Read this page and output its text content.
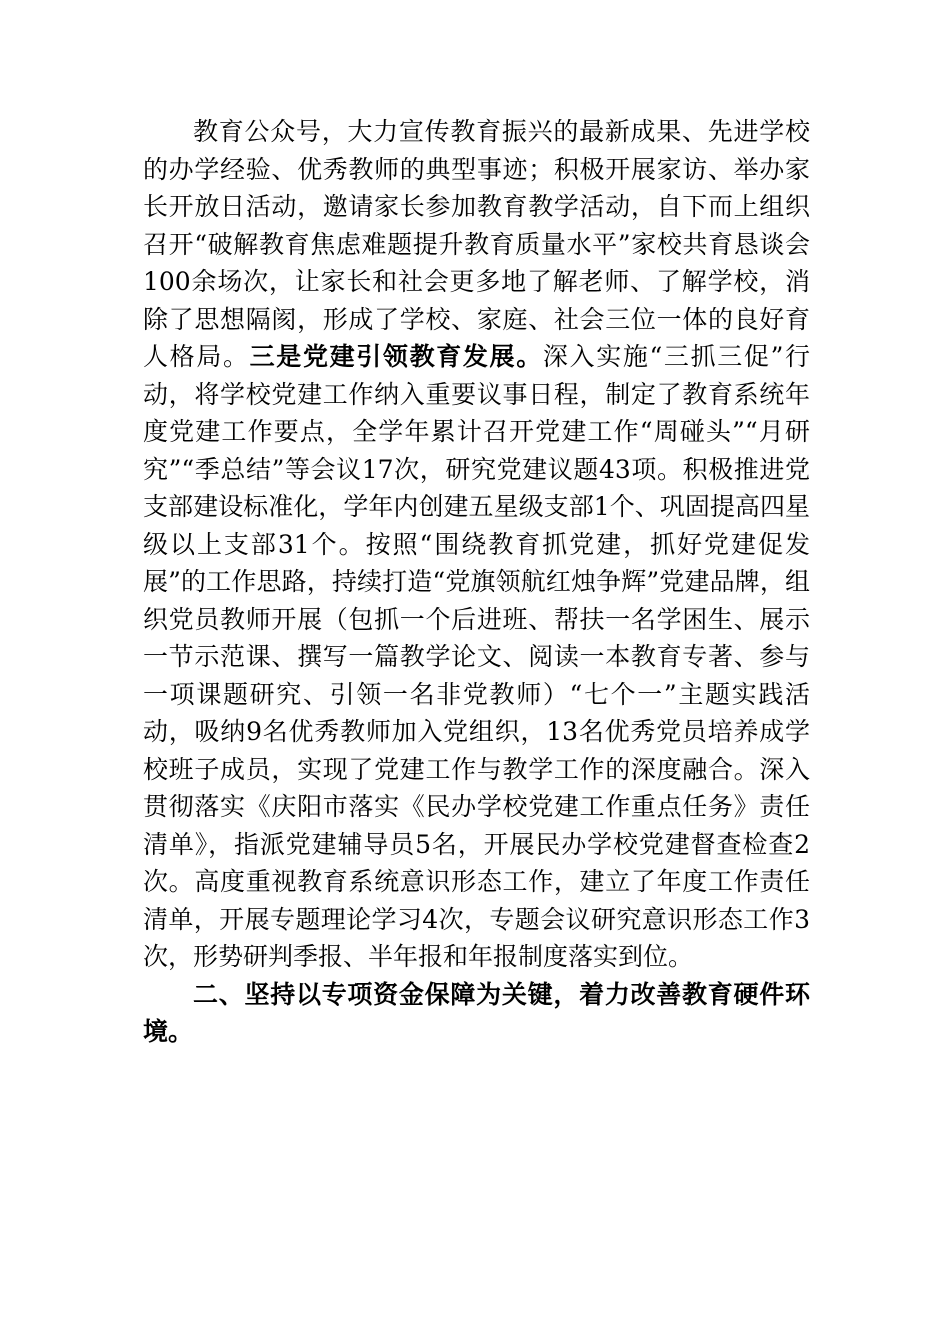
教育公众号，大力宣传教育振兴的最新成果、先进学校的办学经验、优秀教师的典型事迹；积极开展家访、举办家长开放日活动，邀请家长参加教育教学活动，自下而上组织召开“破解教育焦虑难题提升教育质量水平”家校共育恳谈会100余场次，让家长和社会更多地了解老师、了解学校，消除了思想隔阂，形成了学校、家庭、社会三位一体的良好育人格局。三是党建引领教育发展。深入实施“三抓三促”行动，将学校党建工作纳入重要议事日程，制定了教育系统年度党建工作要点，全学年累计召开党建工作“周碰头”“月研究”“季总结”等会议17次，研究党建议题43项。积极推进党支部建设标准化，学年内创建五星级支部1个、巩固提高四星级以上支部31个。按照“围绕教育抓党建，抓好党建促发展”的工作思路，持续打造“党旗领航红烛争辉”党建品牌，组织党员教师开展（包抓一个后进班、帮扶一名学困生、展示一节示范课、撰写一篇教学论文、阅读一本教育专著、参与一项课题研究、引领一名非党教师）“七个一”主题实践活动，吸纳9名优秀教师加入党组织，13名优秀党员培养成学校班子成员，实现了党建工作与教学工作的深度融合。深入贯彻落实《庆阳市落实《民办学校党建工作重点任务》责任清单》，指派党建辅导员5名，开展民办学校党建督查检查2次。高度重视教育系统意识形态工作，建立了年度工作责任清单，开展专题理论学习4次，专题会议研究意识形态工作3次，形势研判季报、半年报和年报制度落实到位。

二、坚持以专项资金保障为关键，着力改善教育硬件环境。
